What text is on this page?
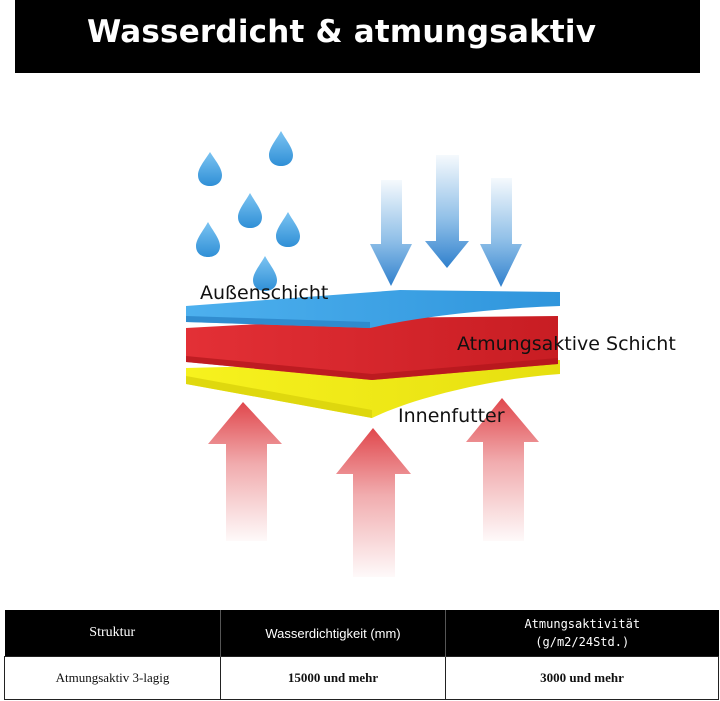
Wasserdicht & atmungsaktiv
Außenschicht
Atmungsaktive Schicht
Innenfutter
Struktur	Wasserdichtigkeit (mm)	Atmungsaktivität
(g/m2/24Std.)

Atmungsaktiv 3-lagig	15000 und mehr	3000 und mehr
